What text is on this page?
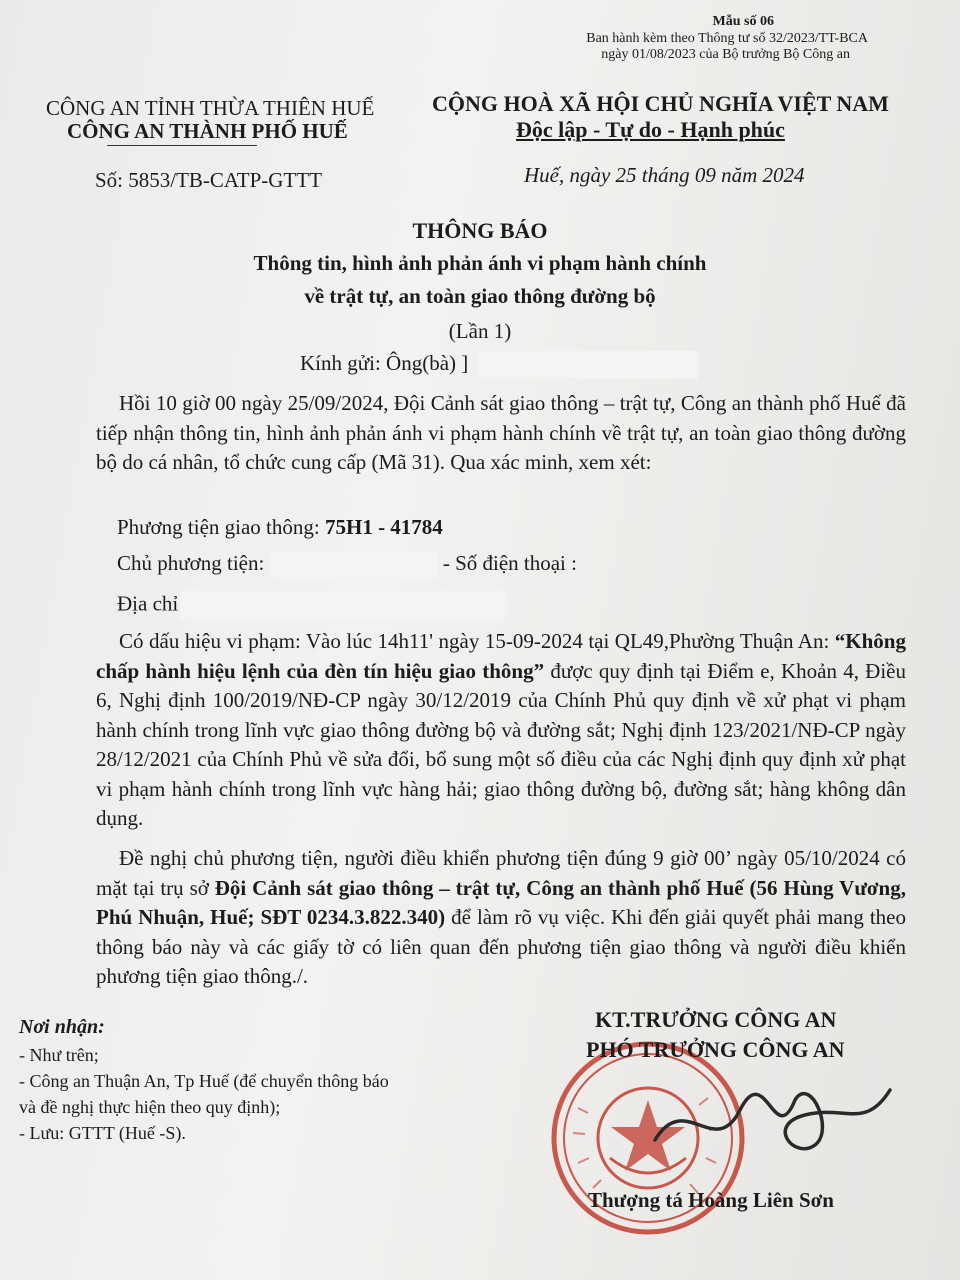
Mẫu số 06
Ban hành kèm theo Thông tư số 32/2023/TT-BCA
ngày 01/08/2023 của Bộ trưởng Bộ Công an
CÔNG AN TỈNH THỪA THIÊN HUẾ
CÔNG AN THÀNH PHỐ HUẾ
CỘNG HOÀ XÃ HỘI CHỦ NGHĨA VIỆT NAM
Độc lập - Tự do - Hạnh phúc
Số: 5853/TB-CATP-GTTT	Huế, ngày 25 tháng 09 năm 2024
THÔNG BÁO
Thông tin, hình ảnh phản ánh vi phạm hành chính
về trật tự, an toàn giao thông đường bộ
(Lần 1)
Kính gửi: Ông(bà) ]
Hồi 10 giờ 00 ngày 25/09/2024, Đội Cảnh sát giao thông – trật tự, Công an thành phố Huế đã tiếp nhận thông tin, hình ảnh phản ánh vi phạm hành chính về trật tự, an toàn giao thông đường bộ do cá nhân, tổ chức cung cấp (Mã 31). Qua xác minh, xem xét:
Phương tiện giao thông: 75H1 - 41784
Chủ phương tiện:	- Số điện thoại :
Địa chỉ
Có dấu hiệu vi phạm: Vào lúc 14h11' ngày 15-09-2024 tại QL49,Phường Thuận An: “Không chấp hành hiệu lệnh của đèn tín hiệu giao thông” được quy định tại Điểm e, Khoản 4, Điều 6, Nghị định 100/2019/NĐ-CP ngày 30/12/2019 của Chính Phủ quy định về xử phạt vi phạm hành chính trong lĩnh vực giao thông đường bộ và đường sắt; Nghị định 123/2021/NĐ-CP ngày 28/12/2021 của Chính Phủ về sửa đổi, bổ sung một số điều của các Nghị định quy định xử phạt vi phạm hành chính trong lĩnh vực hàng hải; giao thông đường bộ, đường sắt; hàng không dân dụng.
Đề nghị chủ phương tiện, người điều khiển phương tiện đúng 9 giờ 00’ ngày 05/10/2024 có mặt tại trụ sở Đội Cảnh sát giao thông – trật tự, Công an thành phố Huế (56 Hùng Vương, Phú Nhuận, Huế; SĐT 0234.3.822.340) để làm rõ vụ việc. Khi đến giải quyết phải mang theo thông báo này và các giấy tờ có liên quan đến phương tiện giao thông và người điều khiển phương tiện giao thông./.
Nơi nhận:
- Như trên;
- Công an Thuận An, Tp Huế (để chuyển thông báo
và đề nghị thực hiện theo quy định);
- Lưu: GTTT (Huế -S).
KT.TRƯỞNG CÔNG AN
PHÓ TRƯỞNG CÔNG AN
Thượng tá Hoàng Liên Sơn
